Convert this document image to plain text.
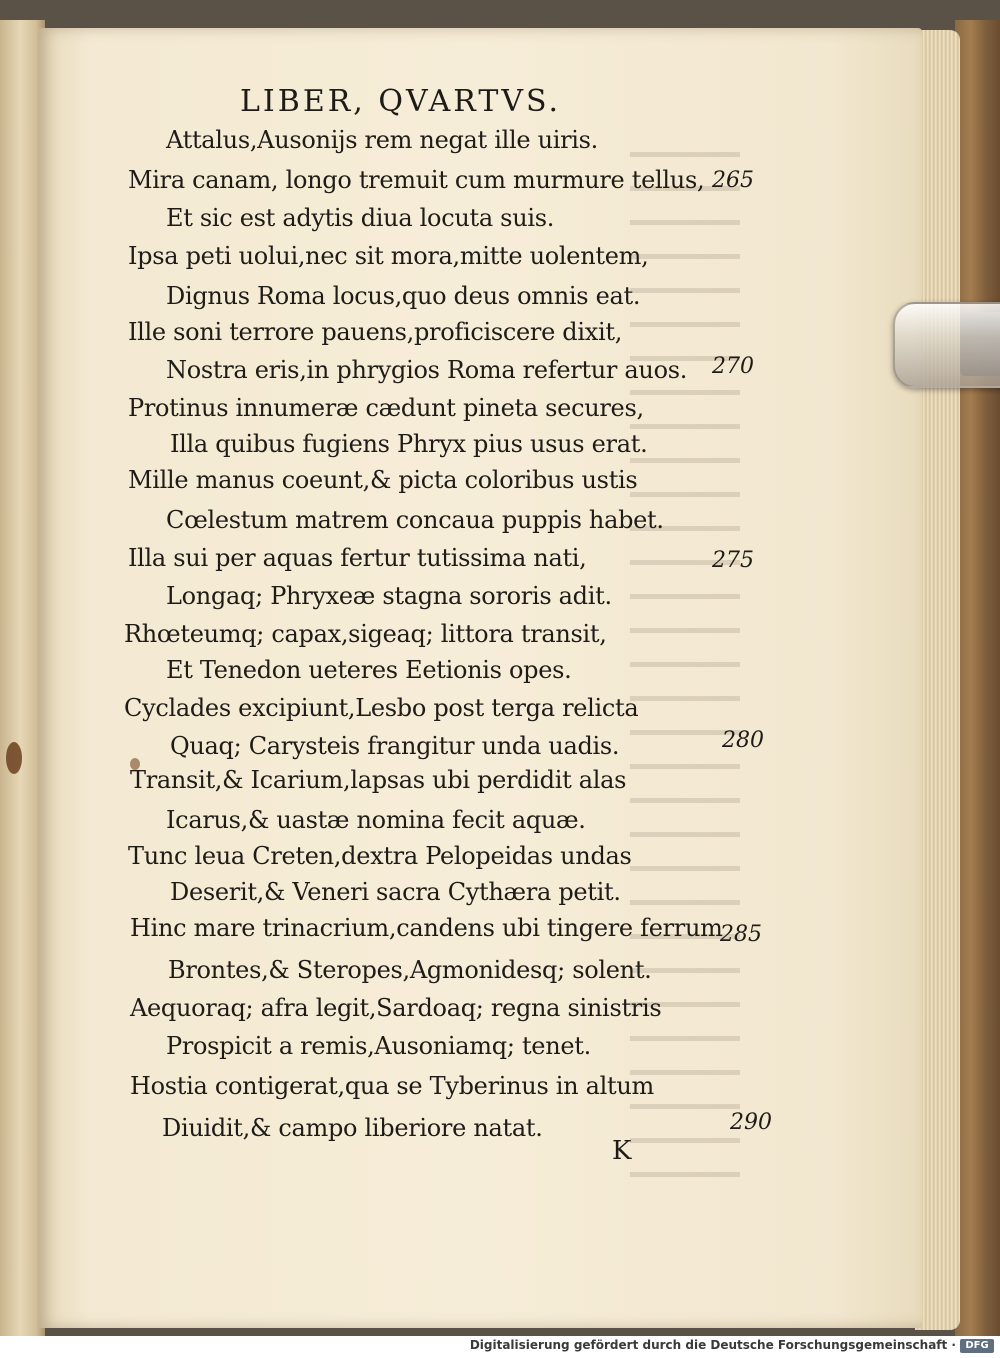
LIBER, QVARTVS.
Attalus,Ausonijs rem negat ille uiris.
Mira canam, longo tremuit cum murmure tellus,
Et sic est adytis diua locuta suis.
Ipsa peti uolui,nec sit mora,mitte uolentem,
Dignus Roma locus,quo deus omnis eat.
Ille soni terrore pauens,proficiscere dixit,
Nostra eris,in phrygios Roma refertur auos.
Protinus innumeræ cædunt pineta secures,
Illa quibus fugiens Phryx pius usus erat.
Mille manus coeunt,& picta coloribus ustis
Cœlestum matrem concaua puppis habet.
Illa sui per aquas fertur tutissima nati,
Longaq; Phryxeæ stagna sororis adit.
Rhœteumq; capax,sigeaq; littora transit,
Et Tenedon ueteres Eetionis opes.
Cyclades excipiunt,Lesbo post terga relicta
Quaq; Carysteis frangitur unda uadis.
Transit,& Icarium,lapsas ubi perdidit alas
Icarus,& uastæ nomina fecit aquæ.
Tunc leua Creten,dextra Pelopeidas undas
Deserit,& Veneri sacra Cythæra petit.
Hinc mare trinacrium,candens ubi tingere ferrum
Brontes,& Steropes,Agmonidesq; solent.
Aequoraq; afra legit,Sardoaq; regna sinistris
Prospicit a remis,Ausoniamq; tenet.
Hostia contigerat,qua se Tyberinus in altum
Diuidit,& campo liberiore natat.
265
270
275
280
285
290
K
Digitalisierung gefördert durch die Deutsche Forschungsgemeinschaft · DFG
